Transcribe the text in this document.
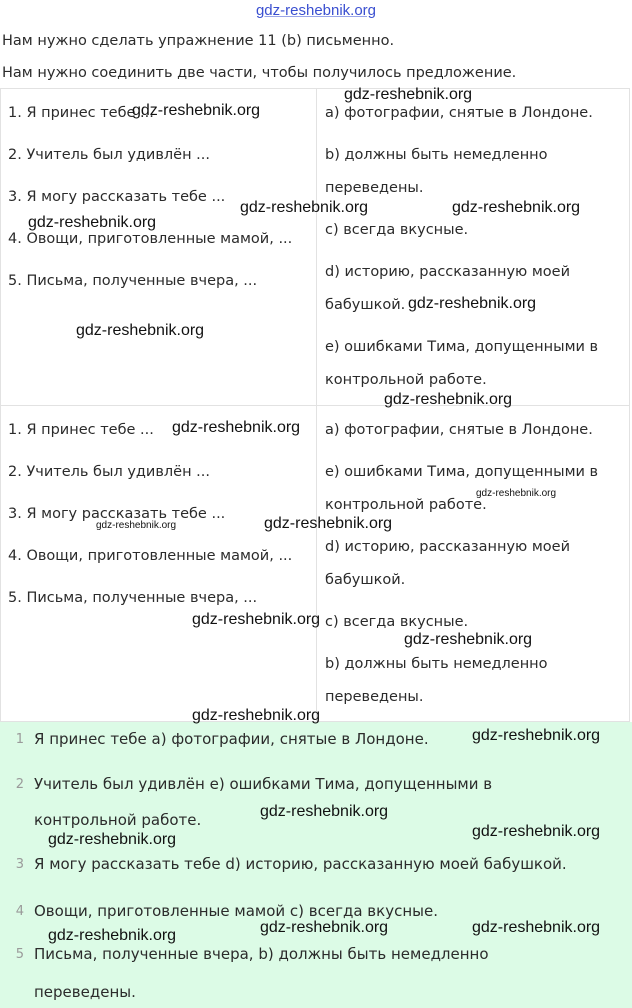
gdz-reshebnik.org
Нам нужно сделать упражнение 11 (b) письменно.
Нам нужно соединить две части, чтобы получилось предложение.
1. Я принес тебе ...
2. Учитель был удивлён ...
3. Я могу рассказать тебе ...
4. Овощи, приготовленные мамой, ...
5. Письма, полученные вчера, ...
a) фотографии, снятые в Лондоне.
b) должны быть немедленно
переведены.
c) всегда вкусные.
d) историю, рассказанную моей
бабушкой.
e) ошибками Тима, допущенными в
контрольной работе.
1. Я принес тебе ...
2. Учитель был удивлён ...
3. Я могу рассказать тебе ...
4. Овощи, приготовленные мамой, ...
5. Письма, полученные вчера, ...
a) фотографии, снятые в Лондоне.
e) ошибками Тима, допущенными в
контрольной работе.
d) историю, рассказанную моей
бабушкой.
c) всегда вкусные.
b) должны быть немедленно
переведены.
1 Я принес тебе a) фотографии, снятые в Лондоне.
2 Учитель был удивлён e) ошибками Тима, допущенными в
контрольной работе.
3 Я могу рассказать тебе d) историю, рассказанную моей бабушкой.
4 Овощи, приготовленные мамой c) всегда вкусные.
5 Письма, полученные вчера, b) должны быть немедленно
переведены.
gdz-reshebnik.org
gdz-reshebnik.org
gdz-reshebnik.org
gdz-reshebnik.org	gdz-reshebnik.org
gdz-reshebnik.org
gdz-reshebnik.org
gdz-reshebnik.org
gdz-reshebnik.org
gdz-reshebnik.org
gdz-reshebnik.org	gdz-reshebnik.org
gdz-reshebnik.org
gdz-reshebnik.org
gdz-reshebnik.org
gdz-reshebnik.org
gdz-reshebnik.org
gdz-reshebnik.org	gdz-reshebnik.org
gdz-reshebnik.org	gdz-reshebnik.org
gdz-reshebnik.org
